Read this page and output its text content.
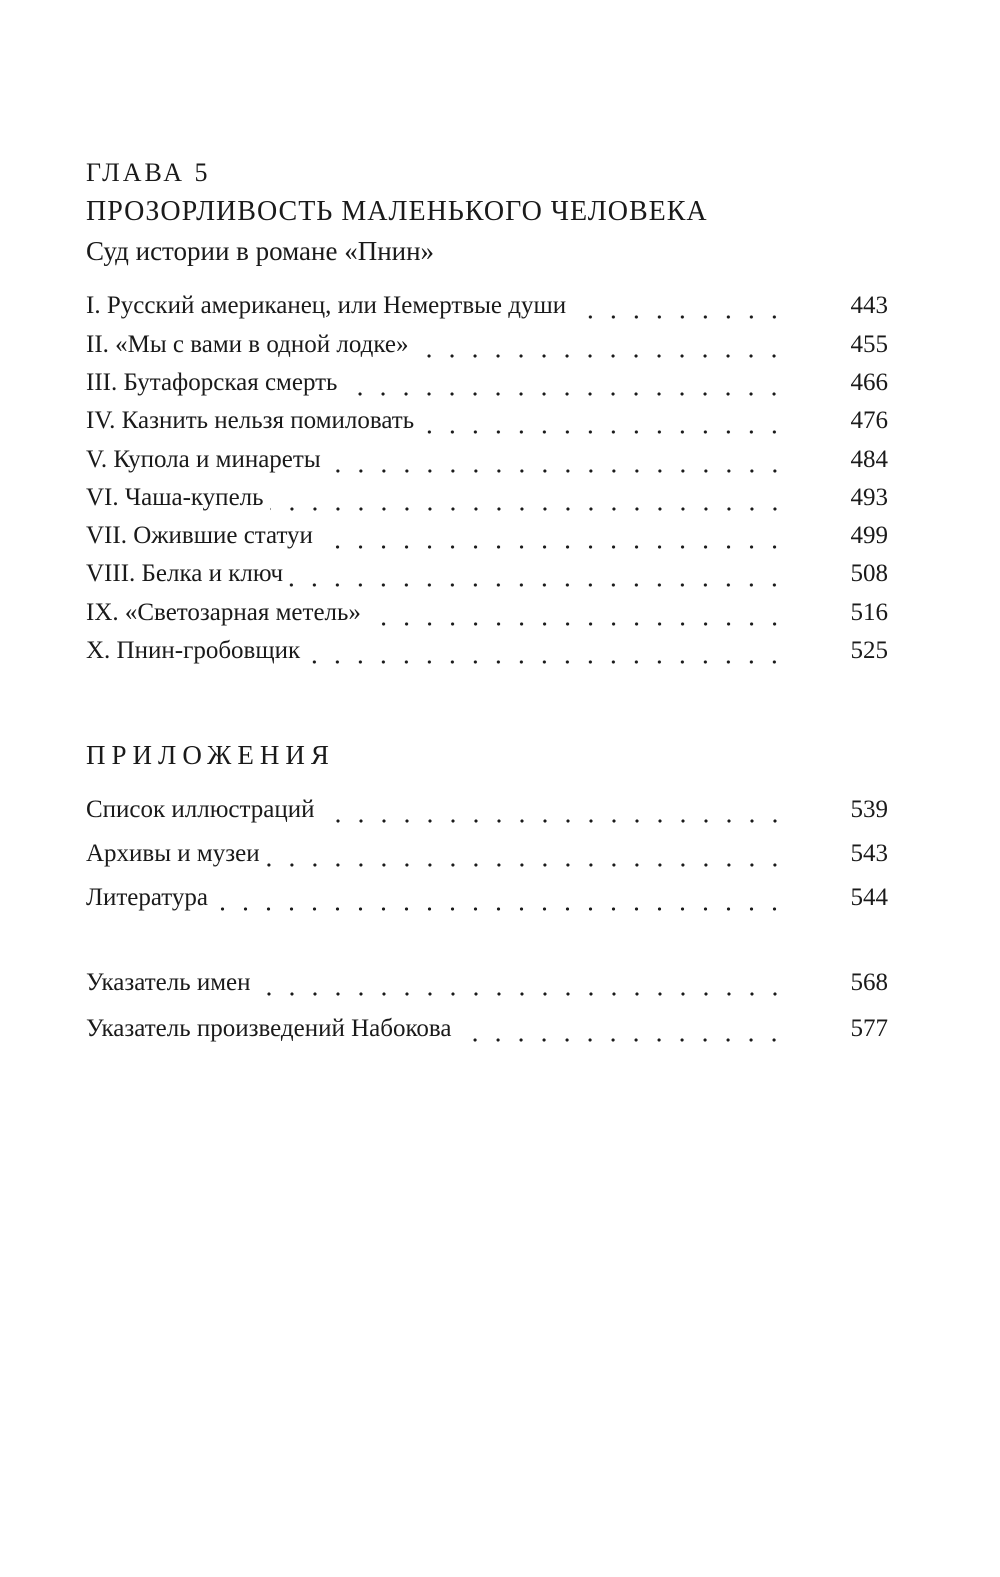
ГЛАВА 5
ПРОЗОРЛИВОСТЬ МАЛЕНЬКОГО ЧЕЛОВЕКА
Суд истории в романе «Пнин»
I. Русский американец, или Немертвые души	443
II. «Мы с вами в одной лодке»	455
III. Бутафорская смерть	466
IV. Казнить нельзя помиловать	476
V. Купола и минареты	484
VI. Чаша-купель	493
VII. Ожившие статуи	499
VIII. Белка и ключ	508
IX. «Светозарная метель»	516
X. Пнин-гробовщик	525
ПРИЛОЖЕНИЯ
Список иллюстраций	539
Архивы и музеи	543
Литература	544
Указатель имен	568
Указатель произведений Набокова	577
